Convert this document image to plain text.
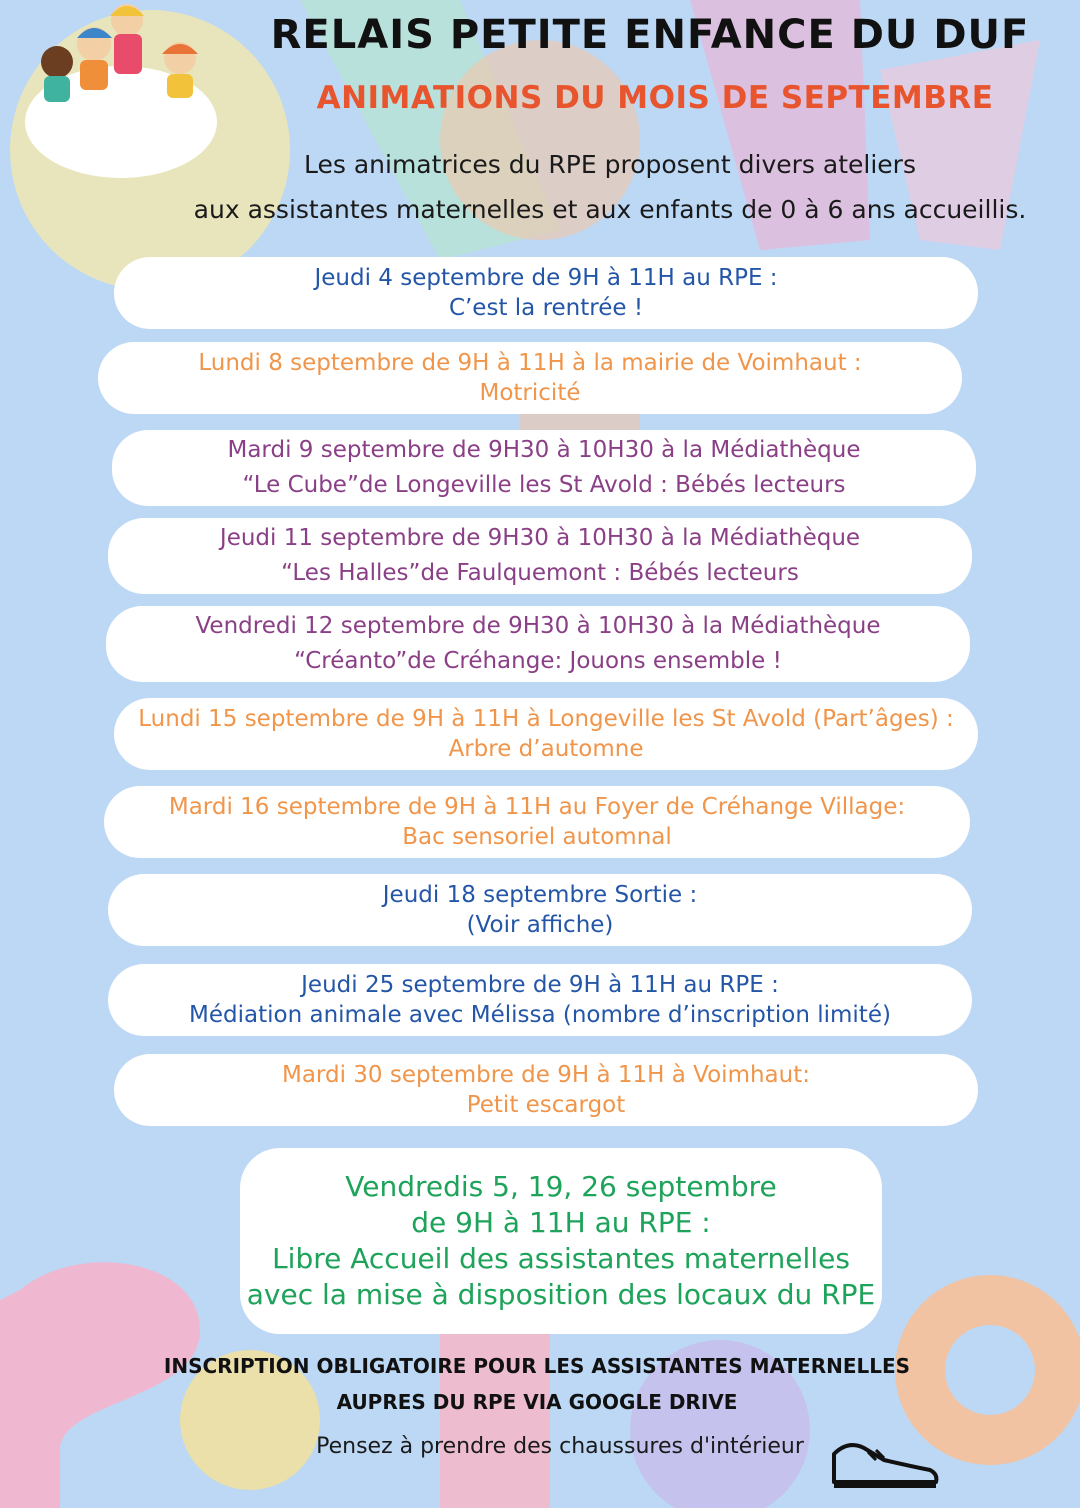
RELAIS PETITE ENFANCE DU DUF
ANIMATIONS DU MOIS DE SEPTEMBRE
Les animatrices du RPE proposent divers ateliers
aux assistantes maternelles et aux enfants de 0 à 6 ans accueillis.
Jeudi 4 septembre de 9H à 11H au RPE :
C’est la rentrée !
Lundi 8 septembre de 9H à 11H à la mairie de Voimhaut :
Motricité
Mardi 9 septembre de 9H30 à 10H30 à la Médiathèque
“Le Cube”de Longeville les St Avold : Bébés lecteurs
Jeudi 11 septembre de 9H30 à 10H30 à la Médiathèque
“Les Halles”de Faulquemont : Bébés lecteurs
Vendredi 12 septembre de 9H30 à 10H30 à la Médiathèque
“Créanto”de Créhange: Jouons ensemble !
Lundi 15 septembre de 9H à 11H à Longeville les St Avold (Part’âges) :
Arbre d’automne
Mardi 16 septembre de 9H à 11H au Foyer de Créhange Village:
Bac sensoriel automnal
Jeudi 18 septembre Sortie :
(Voir affiche)
Jeudi 25 septembre de 9H à 11H au RPE :
Médiation animale avec Mélissa (nombre d’inscription limité)
Mardi 30 septembre de 9H à 11H à Voimhaut:
Petit escargot
Vendredis 5, 19, 26 septembre
de 9H à 11H au RPE :
Libre Accueil des assistantes maternelles
avec la mise à disposition des locaux du RPE
INSCRIPTION OBLIGATOIRE POUR LES ASSISTANTES MATERNELLES
AUPRES DU RPE VIA GOOGLE DRIVE
Pensez à prendre des chaussures d'intérieur
